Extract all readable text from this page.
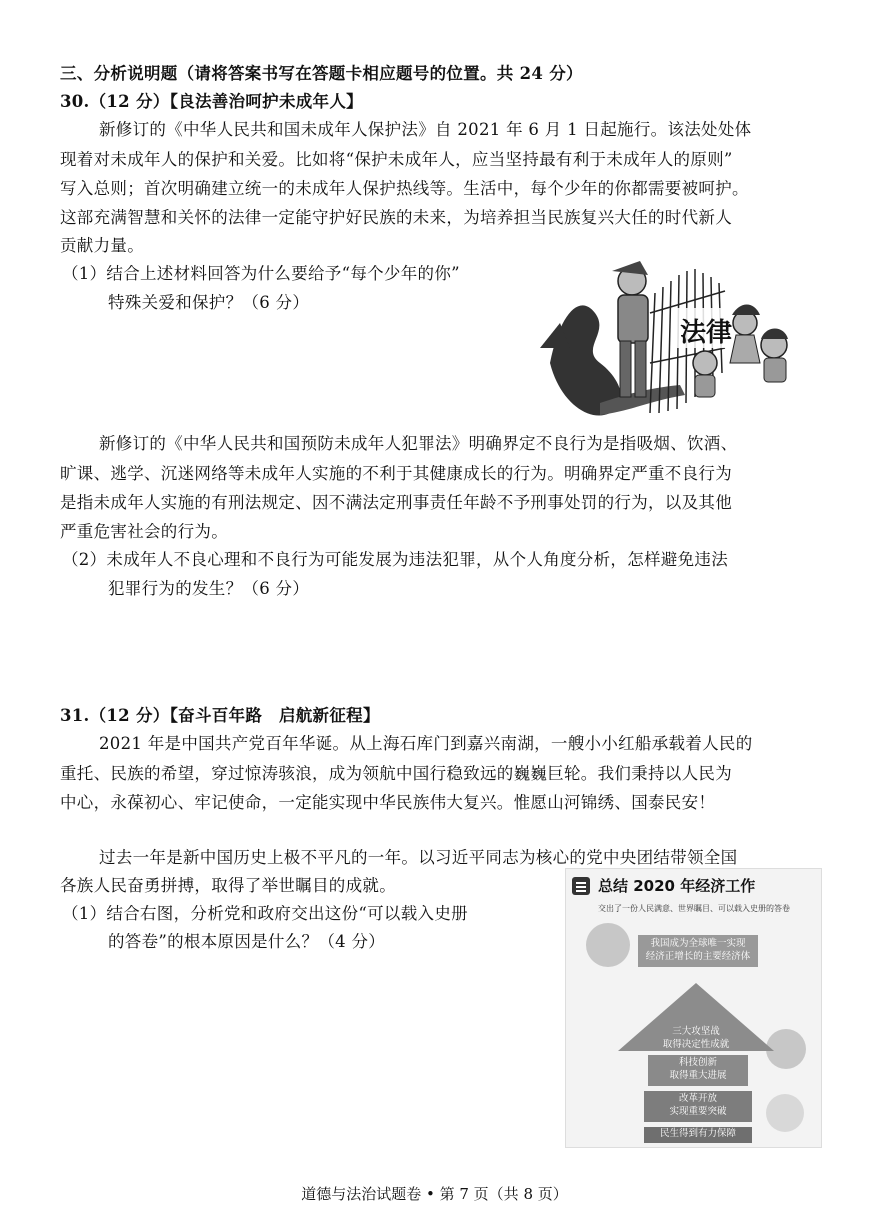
三、分析说明题（请将答案书写在答题卡相应题号的位置。共 24 分）
30.（12 分）【良法善治呵护未成年人】
新修订的《中华人民共和国未成年人保护法》自 2021 年 6 月 1 日起施行。该法处处体
现着对未成年人的保护和关爱。比如将“保护未成年人，应当坚持最有利于未成年人的原则”
写入总则；首次明确建立统一的未成年人保护热线等。生活中，每个少年的你都需要被呵护。
这部充满智慧和关怀的法律一定能守护好民族的未来，为培养担当民族复兴大任的时代新人
贡献力量。
（1）结合上述材料回答为什么要给予“每个少年的你”
特殊关爱和保护？（6 分）
法律
新修订的《中华人民共和国预防未成年人犯罪法》明确界定不良行为是指吸烟、饮酒、
旷课、逃学、沉迷网络等未成年人实施的不利于其健康成长的行为。明确界定严重不良行为
是指未成年人实施的有刑法规定、因不满法定刑事责任年龄不予刑事处罚的行为，以及其他
严重危害社会的行为。
（2）未成年人不良心理和不良行为可能发展为违法犯罪，从个人角度分析，怎样避免违法
犯罪行为的发生？（6 分）
31.（12 分）【奋斗百年路　启航新征程】
2021 年是中国共产党百年华诞。从上海石库门到嘉兴南湖，一艘小小红船承载着人民的
重托、民族的希望，穿过惊涛骇浪，成为领航中国行稳致远的巍巍巨轮。我们秉持以人民为
中心，永葆初心、牢记使命，一定能实现中华民族伟大复兴。惟愿山河锦绣、国泰民安！
过去一年是新中国历史上极不平凡的一年。以习近平同志为核心的党中央团结带领全国
各族人民奋勇拼搏，取得了举世瞩目的成就。
（1）结合右图，分析党和政府交出这份“可以载入史册
的答卷”的根本原因是什么？（4 分）
总结 2020 年经济工作
交出了一份人民满意、世界瞩目、可以载入史册的答卷
我国成为全球唯一实现
经济正增长的主要经济体
三大攻坚战
取得决定性成就
科技创新
取得重大进展
改革开放
实现重要突破
民生得到有力保障
道德与法治试题卷 • 第 7 页（共 8 页）
